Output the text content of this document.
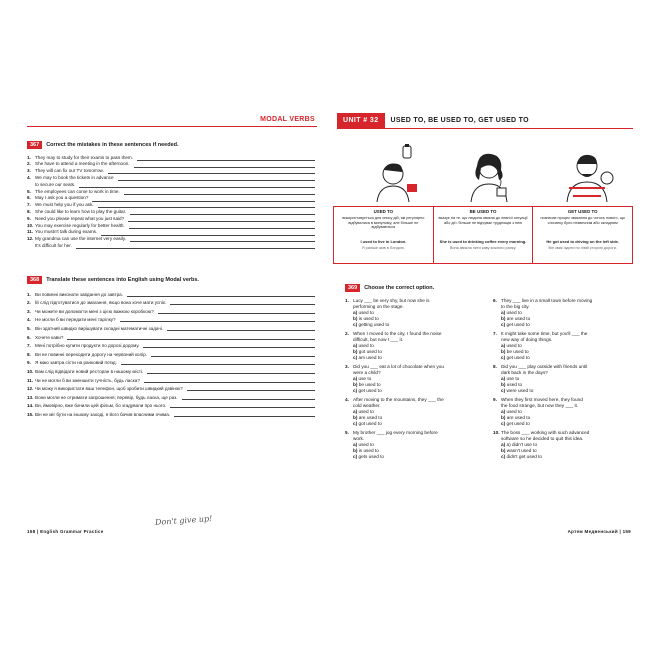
MODAL VERBS
367	Correct the mistakes in these sentences if needed.
1. They may to study for their exams to pass them.
2. She have to attend a meeting in the afternoon.
3. They will can fix our TV tomorrow.
4. We may to book the tickets in advance
to secure our seats.
5. The employees can come to work in time.
6. May I ask you a question?
7. We must help you if you ask.
8. She could like to learn how to play the guitar.
9. Need you please repeat what you just said?
10. You may exercise regularly for better health.
11. You mustn't talk during exams.
12. My grandma can use the internet very easily.
It's difficult for her.
368	Translate these sentences into English using Modal verbs.
1. Ви повинні виконати завдання до завтра.
2. Їй слід підготуватися до змагання, якщо вона хоче мати успіх.
3. Чи можете ви допомогти мені з цією важкою коробкою?
4. Не могли б ви передати мені тарілку?
5. Він здатний швидко вирішувати складні математичні задачі.
6. Хочете кави?
7. Мені потрібно купити продукти по дорозі додому.
8. Ви не повинні переходити дорогу на червоний колір.
9. Я маю завтра сісти на ранковий поїзд.
10. Вам слід відвідати новий ресторан в нашому місті.
11. Чи не могли б ви зменшити гучність, будь ласка?
12. Чи можу я використати ваш телефон, щоб зробити швидкий дзвінок?
13. Вони могли не отримати запрошення; перевір, будь ласка, ще раз.
14. Ви, ймовірно, вже бачили цей фільм, бо згадували про нього.
15. Він не міг бути на іншому заході, я його бачив власними очима.
Don't give up!
158 | English Grammar Practice
UNIT # 32	USED TO, BE USED TO, GET USED TO
USED TO
використовується для опису дій, які регулярно відбувалися в минулому, але більше не відбуваються
I used to live in London.
Я раніше жив в Лондоні.
BE USED TO
вказує на те, що людина звикла до певної ситуації або дії і більше не відчуває труднощів з нею
She is used to drinking coffee every morning.
Вона звикла пити каву кожного ранку.
GET USED TO
позначає процес звикання до чогось нового, що спочатку було незвичним або складним
He got used to driving on the left side.
Він звик їздити по лівій стороні дороги.
369	Choose the correct option.
1. Lucy ___ be very shy, but now she is
performing on the stage.
a) used to
b) is used to
c) getting used to
2. When I moved to the city, I found the noise
difficult, but now I ___ it.
a) used to
b) got used to
c) am used to
3. Did you ___ eat a lot of chocolate when you
were a child?
a) use to
b) be used to
c) get used to
4. After moving to the mountains, they ___ the
cold weather.
a) used to
b) are used to
c) got used to
5. My brother ___ jog every morning before
work.
a) used to
b) is used to
c) gets used to
6. They ___ live in a small town before moving
to the big city.
a) used to
b) are used to
c) get used to
7. It might take some time, but you'll ___ the
new way of doing things.
a) used to
b) be used to
c) get used to
8. Did you ___ play outside with friends until
dark back in the days?
a) use to
b) used to
c) were used to
9. When they first moved here, they found
the food strange, but now they ___ it.
a) used to
b) are used to
c) get used to
10. The boss ___ working with such advanced
software so he decided to quit this idea.
a) a) didn't use to
b) wasn't used to
c) didn't get used to
Артем Медвенський | 159
